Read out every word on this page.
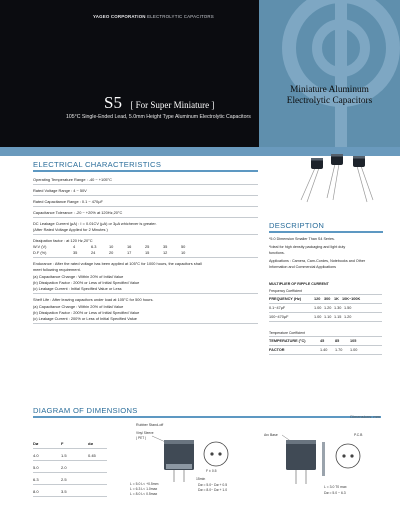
YAGEO CORPORATION ELECTROLYTIC CAPACITORS
S5 [ For Super Miniature ]
105°C Single-Ended Lead, 5.0mm Height Type Aluminum Electrolytic Capacitors
Miniature Aluminum
Electrolytic Capacitors
ELECTRICAL CHARACTERISTICS
Operating Temperature Range : -40 ~ +105°C
Rated Voltage Range : 4 ~ 50V
Rated Capacitance Range : 0.1 ~ 470μF
Capacitance Tolerance : -20 ~ +20% at 120Hz,20°C
DC Leakage Current (μA) : I = 0.01CV (μA) or 3μA whichever is greater.
(After Rated Voltage Applied for 2 Minutes )
Dissipation factor : at 120 Hz,20°C
W.V (V)	4	6.3	10	16	25	35	50
D.F (%)	35	24	20	17	15	12	10
Endurance : After the rated voltage has been applied at 105°C for 1000 hours, the capacitors shall
meet following requirement.
(a) Capacitance Change : Within 20% of Initial Value
(b) Dissipation Factor : 200% or Less of Initial Specified Value
(c) Leakage Current : Initial Specified Value or Less
Shelf Life : After leaving capacitors under load at 105°C for 500 hours.
(a) Capacitance Change : Within 20% of Initial Value
(b) Dissipation Factor : 200% or Less of Initial Specified Value
(c) Leakage Current : 200% or Less of Initial Specified Value
DESCRIPTION
*5.0 Dimension Smaller Than S4 Series.
*Ideal for high density packaging and light duty
functions.
Applications : Camera, Cam-Cordes, Notebooks and Other
Information and Commercial Applications
MULTIPLIER OF RIPPLE CURRENT
Frequency Coefficient
FREQUENCY (Hz)	120 300 1K 10K~100K
0.1~47μF	1.00 1.20 1.30 1.50
100~470μF	1.00 1.10 1.15 1.20
Temperature Coefficient
TEMPERATURE (°C)	45	85	105
FACTOR	1.40 1.70 1.00
DIAGRAM OF DIMENSIONS
Dimensions: mm
Dø	F	dø
4.0	1.5	0.45
5.0	2.0
6.3	2.5
8.0	3.5
Rubber Stand-off
Vinyl Sleeve
( PET )
F ± 0.5
15min
L = 5.0 L< +0.5mm
L = 6.3 L< 1.0max
L = 8.0 L< 0.5max
Dø = 5.0~ Dø + 0.5
Dø = 8.0~ Dø + 1.0
Arc Base	P.C.B
L = 3.0 T0 max
Dø = 5.0 ~ 6.3
